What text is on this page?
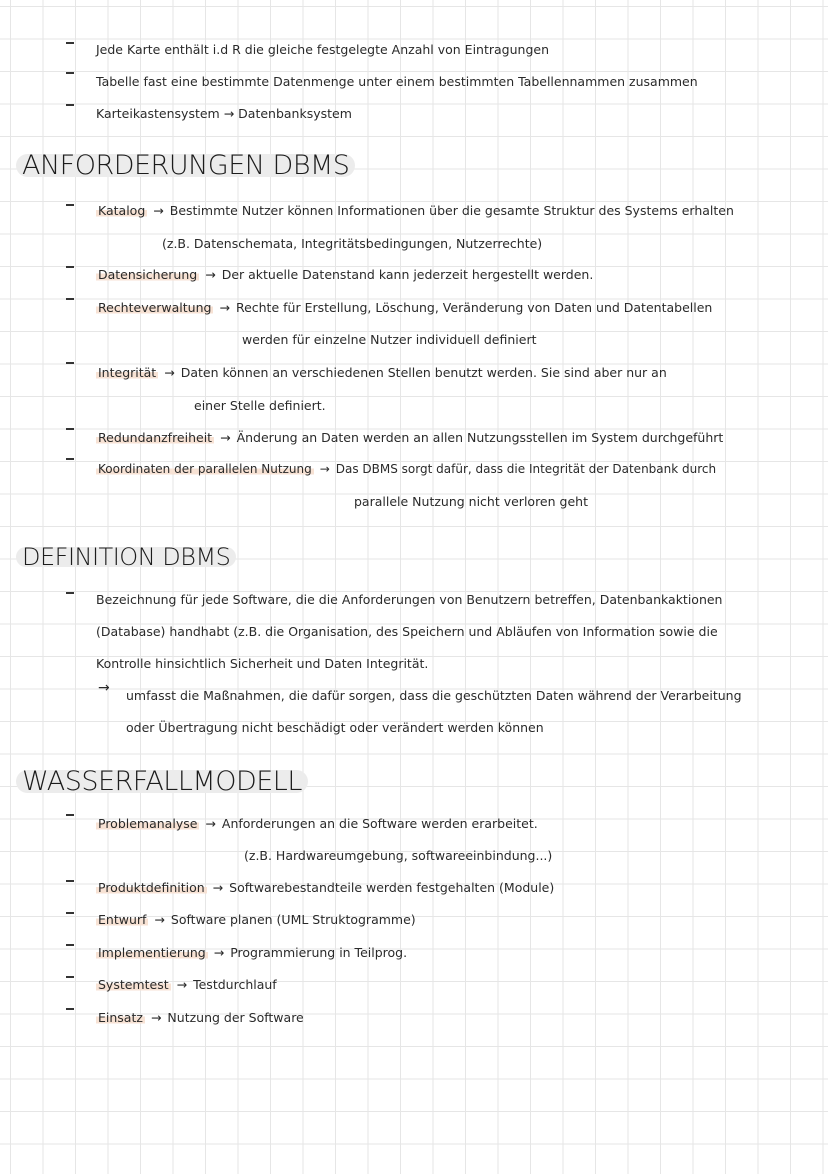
Jede Karte enthält i.d R die gleiche festgelegte Anzahl von Eintragungen
Tabelle fast eine bestimmte Datenmenge unter einem bestimmten Tabellennammen zusammen
Karteikastensystem → Datenbanksystem
ANFORDERUNGEN DBMS
Katalog → Bestimmte Nutzer können Informationen über die gesamte Struktur des Systems erhalten
(z.B. Datenschemata, Integritätsbedingungen, Nutzerrechte)
Datensicherung → Der aktuelle Datenstand kann jederzeit hergestellt werden.
Rechteverwaltung → Rechte für Erstellung, Löschung, Veränderung von Daten und Datentabellen
werden für einzelne Nutzer individuell definiert
Integrität → Daten können an verschiedenen Stellen benutzt werden. Sie sind aber nur an
einer Stelle definiert.
Redundanzfreiheit → Änderung an Daten werden an allen Nutzungsstellen im System durchgeführt
Koordinaten der parallelen Nutzung → Das DBMS sorgt dafür, dass die Integrität der Datenbank durch
parallele Nutzung nicht verloren geht
DEFINITION DBMS
Bezeichnung für jede Software, die die Anforderungen von Benutzern betreffen, Datenbankaktionen
(Database) handhabt (z.B. die Organisation, des Speichern und Abläufen von Information sowie die
Kontrolle hinsichtlich Sicherheit und Daten Integrität.
→ umfasst die Maßnahmen, die dafür sorgen, dass die geschützten Daten während der Verarbeitung
oder Übertragung nicht beschädigt oder verändert werden können
WASSERFALLMODELL
Problemanalyse → Anforderungen an die Software werden erarbeitet.
(z.B. Hardwareumgebung, softwareeinbindung...)
Produktdefinition → Softwarebestandteile werden festgehalten (Module)
Entwurf → Software planen (UML Struktogramme)
Implementierung → Programmierung in Teilprog.
Systemtest → Testdurchlauf
Einsatz → Nutzung der Software
